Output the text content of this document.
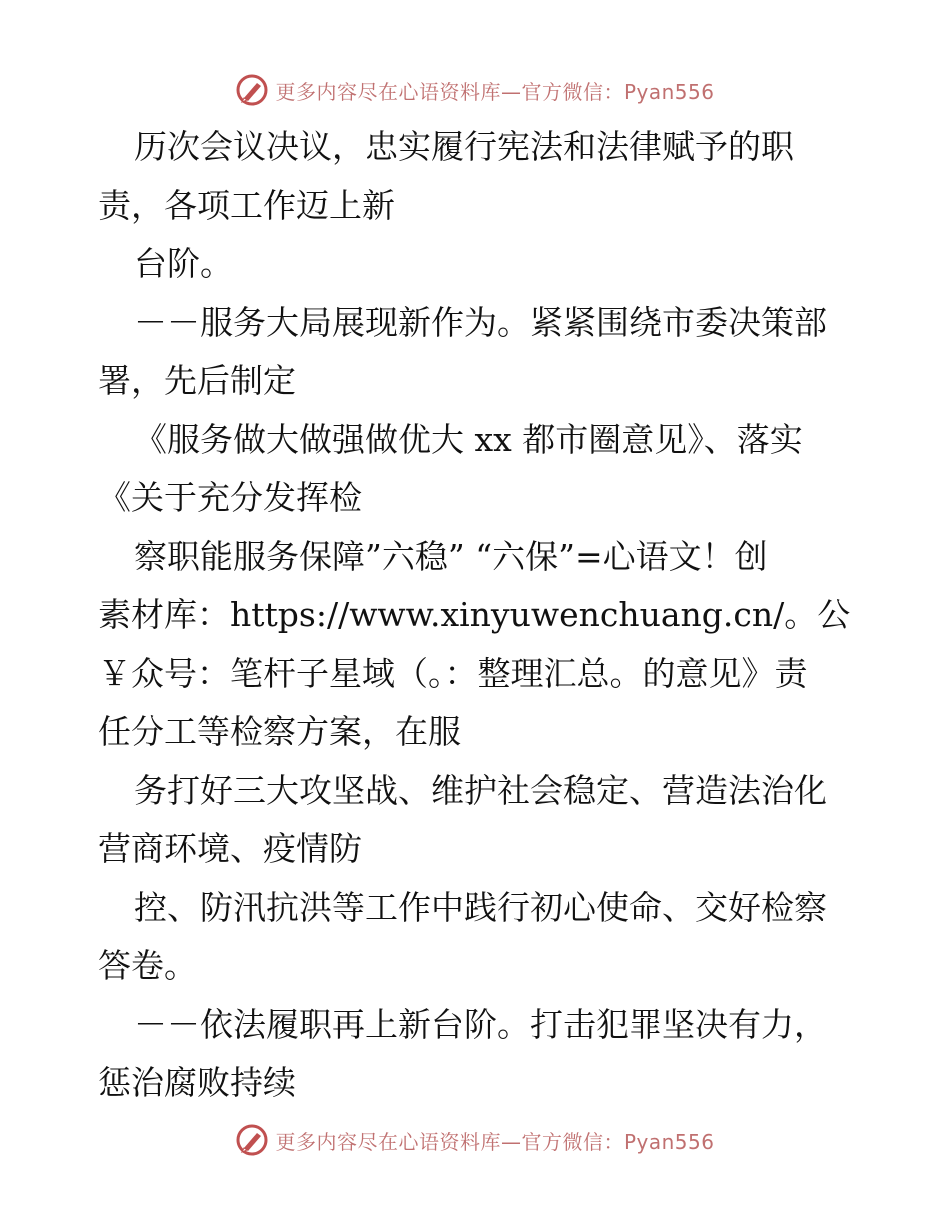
更多内容尽在心语资料库—官方微信：Pyan556
历次会议决议，忠实履行宪法和法律赋予的职
责，各项工作迈上新
台阶。
－－服务大局展现新作为。紧紧围绕市委决策部
署，先后制定
《服务做大做强做优大 xx 都市圈意见》、落实
《关于充分发挥检
察职能服务保障”六稳” “六保”=心语文！创
素材库：https://www.xinyuwenchuang.cn/。公
￥众号：笔杆子星域（。：整理汇总。的意见》责
任分工等检察方案，在服
务打好三大攻坚战、维护社会稳定、营造法治化
营商环境、疫情防
控、防汛抗洪等工作中践行初心使命、交好检察
答卷。
－－依法履职再上新台阶。打击犯罪坚决有力，
惩治腐败持续
更多内容尽在心语资料库—官方微信：Pyan556
